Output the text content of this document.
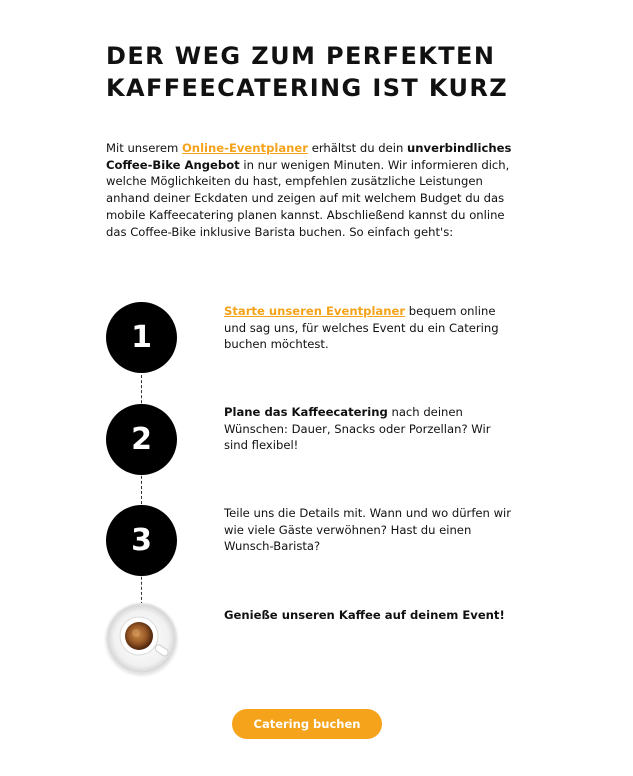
DER WEG ZUM PERFEKTEN
KAFFEECATERING IST KURZ

Mit unserem Online-Eventplaner erhältst du dein unverbindliches Coffee-Bike Angebot in nur wenigen Minuten. Wir informieren dich, welche Möglichkeiten du hast, empfehlen zusätzliche Leistungen anhand deiner Eckdaten und zeigen auf mit welchem Budget du das mobile Kaffeecatering planen kannst. Abschließend kannst du online das Coffee-Bike inklusive Barista buchen. So einfach geht's:

1

Starte unseren Eventplaner bequem online und sag uns, für welches Event du ein Catering buchen möchtest.

2

Plane das Kaffeecatering nach deinen Wünschen: Dauer, Snacks oder Porzellan? Wir sind flexibel!

3

Teile uns die Details mit. Wann und wo dürfen wir wie viele Gäste verwöhnen? Hast du einen Wunsch-Barista?

Genieße unseren Kaffee auf deinem Event!

Catering buchen
